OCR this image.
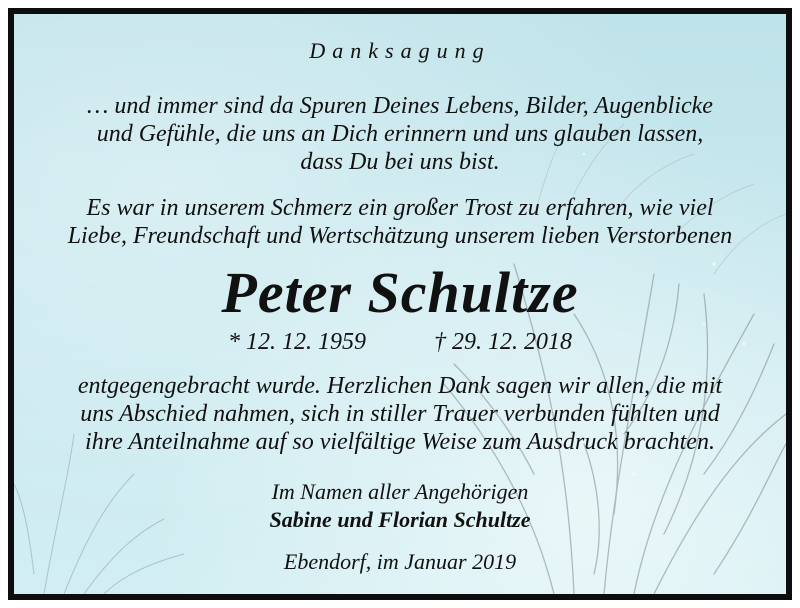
Danksagung
… und immer sind da Spuren Deines Lebens, Bilder, Augenblicke
und Gefühle, die uns an Dich erinnern und uns glauben lassen,
dass Du bei uns bist.
Es war in unserem Schmerz ein großer Trost zu erfahren, wie viel
Liebe, Freundschaft und Wertschätzung unserem lieben Verstorbenen
Peter Schultze
* 12. 12. 1959	† 29. 12. 2018
entgegengebracht wurde. Herzlichen Dank sagen wir allen, die mit
uns Abschied nahmen, sich in stiller Trauer verbunden fühlten und
ihre Anteilnahme auf so vielfältige Weise zum Ausdruck brachten.
Im Namen aller Angehörigen
Sabine und Florian Schultze
Ebendorf, im Januar 2019
